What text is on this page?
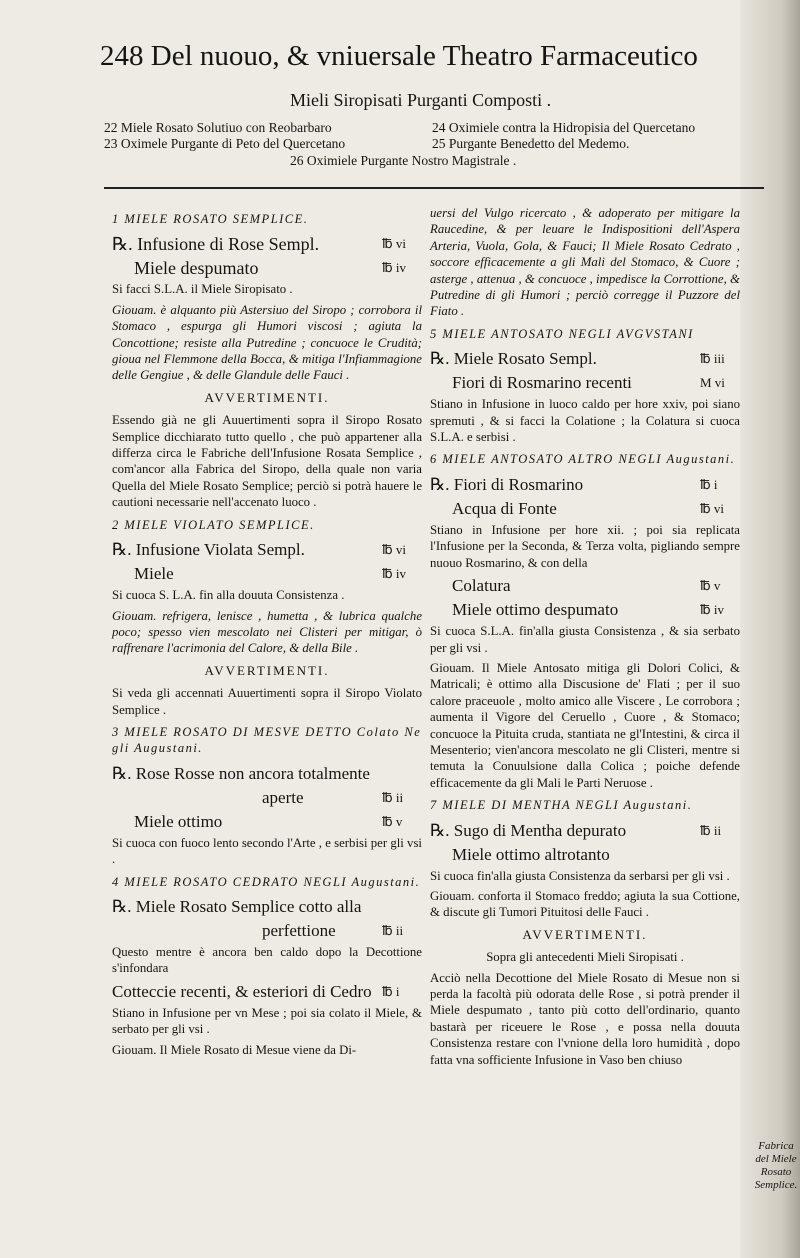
248 Del nuouo, & vniuersale Theatro Farmaceutico
Mieli Siropisati Purganti Composti .
22 Miele Rosato Solutiuo con Reobarbaro
23 Oximele Purgante di Peto del Quercetano
24 Oximiele contra la Hidropisia del Quercetano
25 Purgante Benedetto del Medemo.
26 Oximiele Purgante Nostro Magistrale .
1 MIELE ROSATO SEMPLICE.
℞. Infusione di Rose Sempl.	℔ vi
Miele despumato	℔ iv

Si facci S.L.A. il Miele Siropisato .

Giouam. è alquanto più Astersiuo del Siropo ; corrobora il Stomaco , espurga gli Humori viscosi ; agiuta la Concottione; resiste alla Putredine ; concuoce le Crudità; gioua nel Flemmone della Bocca, & mitiga l'Infiammagione delle Gengiue , & delle Glandule delle Fauci .

AVVERTIMENTI.

Essendo già ne gli Auuertimenti sopra il Siropo Rosato Semplice dicchiarato tutto quello , che può appartener alla differza circa le Fabriche dell'Infusione Rosata Semplice , com'ancor alla Fabrica del Siropo, della quale non varia Quella del Miele Rosato Semplice; perciò si potrà hauere le cautioni necessarie nell'accenato luoco .

2 MIELE VIOLATO SEMPLICE.
℞. Infusione Violata Sempl.	℔ vi
Miele	℔ iv

Si cuoca S. L.A. fin alla douuta Consistenza .

Giouam. refrigera, lenisce , humetta , & lubrica qualche poco; spesso vien mescolato nei Clisteri per mitigar, ò raffrenare l'acrimonia del Calore, & della Bile .

AVVERTIMENTI.

Si veda gli accennati Auuertimenti sopra il Siropo Violato Semplice .

3 MIELE ROSATO DI MESVE DETTO Colato Ne gli Augustani.
℞. Rose Rosse non ancora totalmente
aperte	℔ ii
Miele ottimo	℔ v

Si cuoca con fuoco lento secondo l'Arte , e serbisi per gli vsi .

4 MIELE ROSATO CEDRATO NEGLI Augustani.
℞. Miele Rosato Semplice cotto alla
perfettione	℔ ii

Questo mentre è ancora ben caldo dopo la Decottione s'infondara

Cotteccie recenti, & esteriori di Cedro ℔ i

Stiano in Infusione per vn Mese ; poi sia colato il Miele, & serbato per gli vsi .

Giouam. Il Miele Rosato di Mesue viene da Di-

uersi del Vulgo ricercato , & adoperato per mitigare la Raucedine, & per leuare le Indispositioni dell'Aspera Arteria, Vuola, Gola, & Fauci; Il Miele Rosato Cedrato , soccore efficacemente a gli Mali del Stomaco, & Cuore ; asterge , attenua , & concuoce , impedisce la Corrottione, & Putredine di gli Humori ; perciò corregge il Puzzore del Fiato .

5 MIELE ANTOSATO NEGLI AVGVSTANI
℞. Miele Rosato Sempl.	℔ iii
Fiori di Rosmarino recenti	M vi

Stiano in Infusione in luoco caldo per hore xxiv, poi siano spremuti , & si facci la Colatione ; la Colatura si cuoca S.L.A. e serbisi .

6 MIELE ANTOSATO ALTRO NEGLI Augustani.
℞. Fiori di Rosmarino	℔ i
Acqua di Fonte	℔ vi

Stiano in Infusione per hore xii. ; poi sia replicata l'Infusione per la Seconda, & Terza volta, pigliando sempre nuouo Rosmarino, & con della

Colatura	℔ v
Miele ottimo despumato	℔ iv

Si cuoca S.L.A. fin'alla giusta Consistenza , & sia serbato per gli vsi .

Giouam. Il Miele Antosato mitiga gli Dolori Colici, & Matricali; è ottimo alla Discusione de' Flati ; per il suo calore praceuole , molto amico alle Viscere , Le corrobora ; aumenta il Vigore del Ceruello , Cuore , & Stomaco; concuoce la Pituita cruda, stantiata ne gl'Intestini, & circa il Mesenterio; vien'ancora mescolato ne gli Clisteri, mentre si temuta la Conuulsione dalla Colica ; poiche defende efficacemente da gli Mali le Parti Neruose .

7 MIELE DI MENTHA NEGLI Augustani.
℞. Sugo di Mentha depurato	℔ ii
Miele ottimo altrotanto

Si cuoca fin'alla giusta Consistenza da serbarsi per gli vsi .

Giouam. conforta il Stomaco freddo; agiuta la sua Cottione, & discute gli Tumori Pituitosi delle Fauci .

AVVERTIMENTI.

Sopra gli antecedenti Mieli Siropisati .

Acciò nella Decottione del Miele Rosato di Mesue non si perda la facoltà più odorata delle Rose , si potrà prender il Miele despumato , tanto più cotto dell'ordinario, quanto bastarà per riceuere le Rose , e possa nella douuta Consistenza restare con l'vnione della loro humidità , dopo fatta vna sofficiente Infusione in Vaso ben chiuso

Fabrica del Miele Rosato Semplice.
